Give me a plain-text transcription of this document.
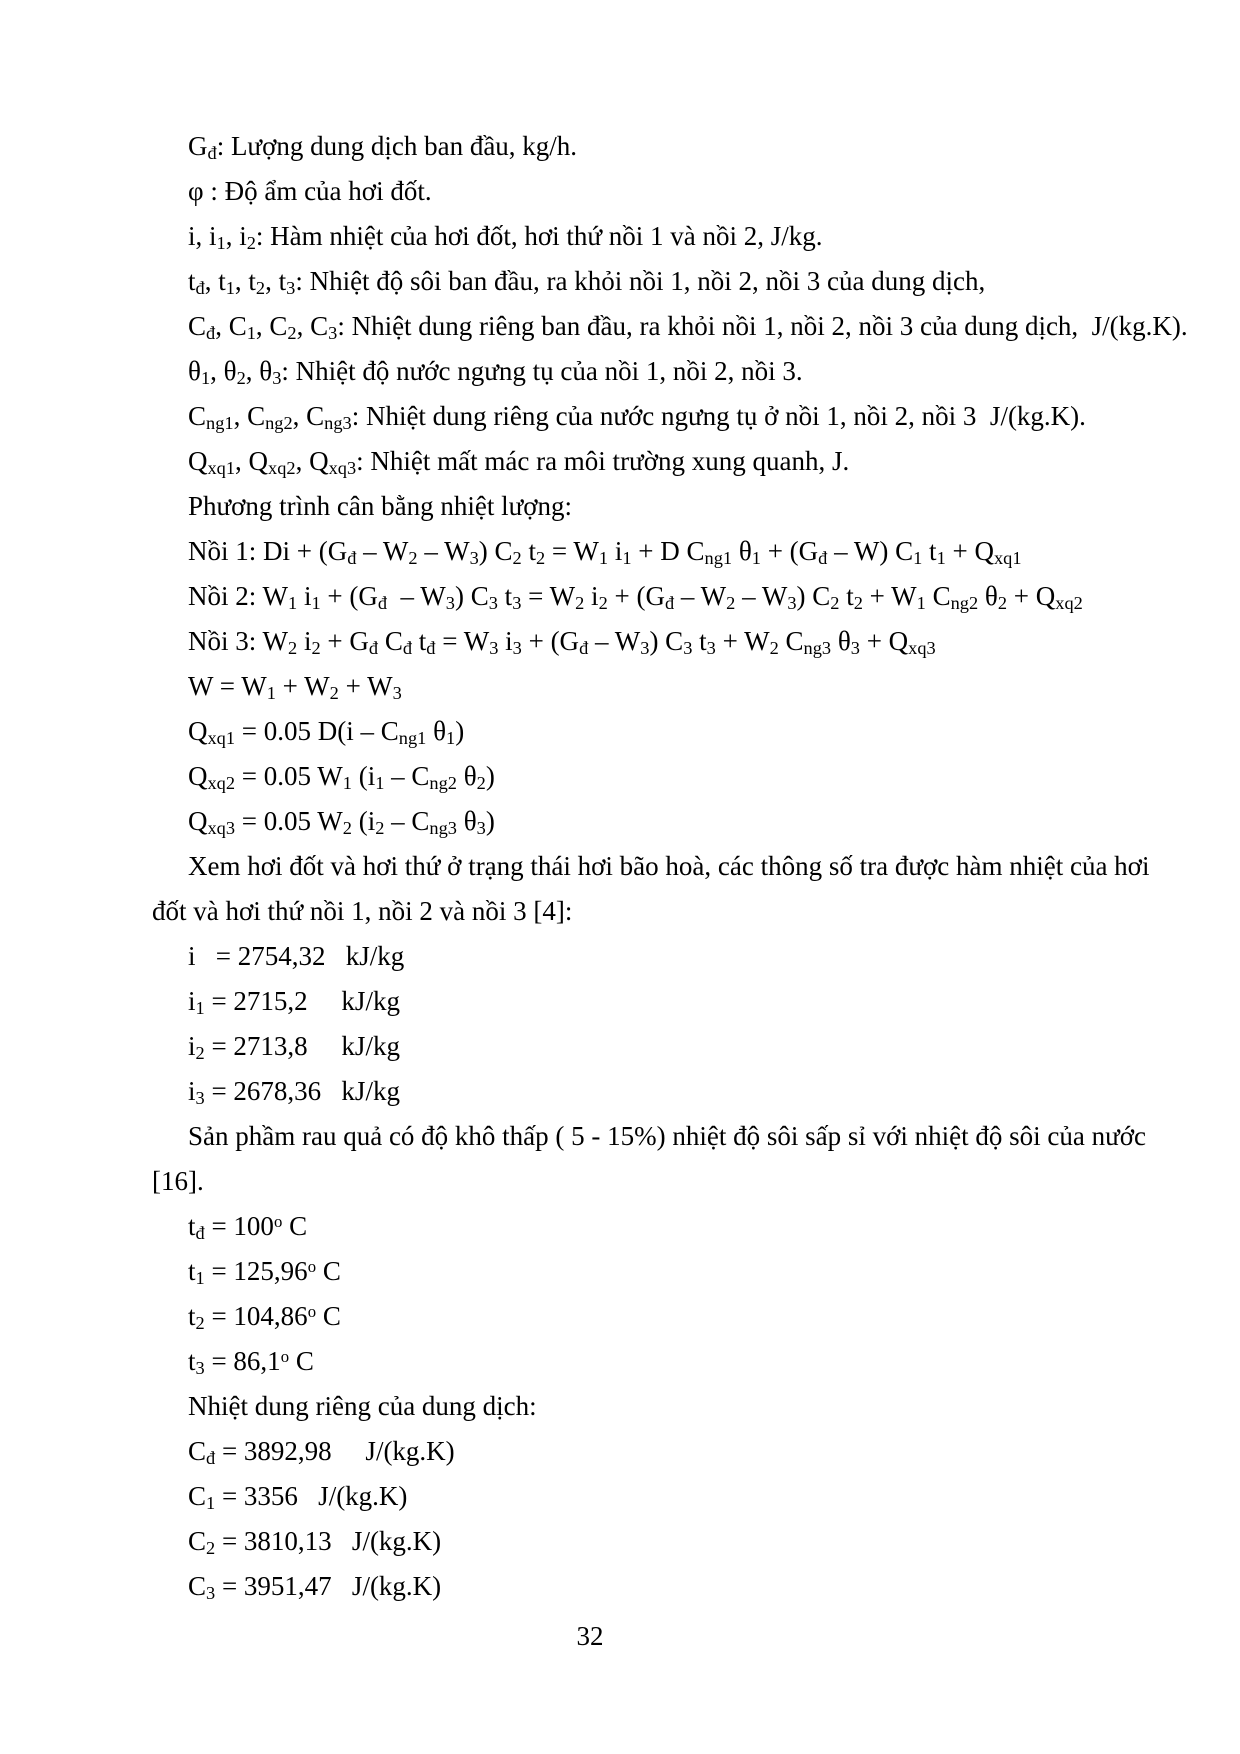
$G_đ$: Lượng dung dịch ban đầu, kg/h.

φ : Độ ẩm của hơi đốt.

i, $i_1$, $i_2$: Hàm nhiệt của hơi đốt, hơi thứ nồi 1 và nồi 2, J/kg.

$t_đ$, $t_1$, $t_2$, $t_3$: Nhiệt độ sôi ban đầu, ra khỏi nồi 1, nồi 2, nồi 3 của dung dịch,

$C_đ$, $C_1$, $C_2$, $C_3$: Nhiệt dung riêng ban đầu, ra khỏi nồi 1, nồi 2, nồi 3 của dung dịch,  J/(kg.K).

$\theta_1$, $\theta_2$, $\theta_3$: Nhiệt độ nước ngưng tụ của nồi 1, nồi 2, nồi 3.

$C_{ng1}$, $C_{ng2}$, $C_{ng3}$: Nhiệt dung riêng của nước ngưng tụ ở nồi 1, nồi 2, nồi 3  J/(kg.K).

$Q_{xq1}$, $Q_{xq2}$, $Q_{xq3}$: Nhiệt mất mác ra môi trường xung quanh, J.

Phương trình cân bằng nhiệt lượng:

Nồi 1: $Di + (G_đ - W_2 - W_3)$ $C_2$ $t_2 = W_1$ $i_1 + D$ $C_{ng1}$ $\theta_1 + (G_đ - W)$ $C_1$ $t_1 + Q_{xq1}$

Nồi 2: $W_1$ $i_1 + (G_đ - W_3)$ $C_3$ $t_3 = W_2$ $i_2 + (G_đ - W_2 - W_3)$ $C_2$ $t_2 + W_1$ $C_{ng2}$ $\theta_2 + Q_{xq2}$

Nồi 3: $W_2$ $i_2 + G_đ$ $C_đ$ $t_đ = W_3$ $i_3 + (G_đ - W_3)$ $C_3$ $t_3 + W_2$ $C_{ng3}$ $\theta_3 + Q_{xq3}$

$W = W_1 + W_2 + W_3$

$Q_{xq1} = 0.05$ $D(i - C_{ng1}$ $\theta_1$)

$Q_{xq2} = 0.05$ $W_1$ ($i_1 - C_{ng2}$ $\theta_2$)

$Q_{xq3} = 0.05$ $W_2$ ($i_2 - C_{ng3}$ $\theta_3$)

Xem hơi đốt và hơi thứ ở trạng thái hơi bão hoà, các thông số tra được hàm nhiệt của hơi

đốt và hơi thứ nồi 1, nồi 2 và nồi 3 [4]:

i   = 2754,32   kJ/kg

$i_1 = 2715,2$     kJ/kg

$i_2 = 2713,8$     kJ/kg

$i_3 = 2678,36$   kJ/kg

Sản phầm rau quả có độ khô thấp ( 5 - 15%) nhiệt độ sôi sấp sỉ với nhiệt độ sôi của nước

[16].

$t_đ = 100^o$ C

$t_1 = 125,96^o$ C

$t_2 = 104,86^o$ C

$t_3 = 86,1^o$ C

Nhiệt dung riêng của dung dịch:

$C_đ = 3892,98$     J/(kg.K)

$C_1 = 3356$   J/(kg.K)

$C_2 = 3810,13$   J/(kg.K)

$C_3 = 3951,47$   J/(kg.K)

32
